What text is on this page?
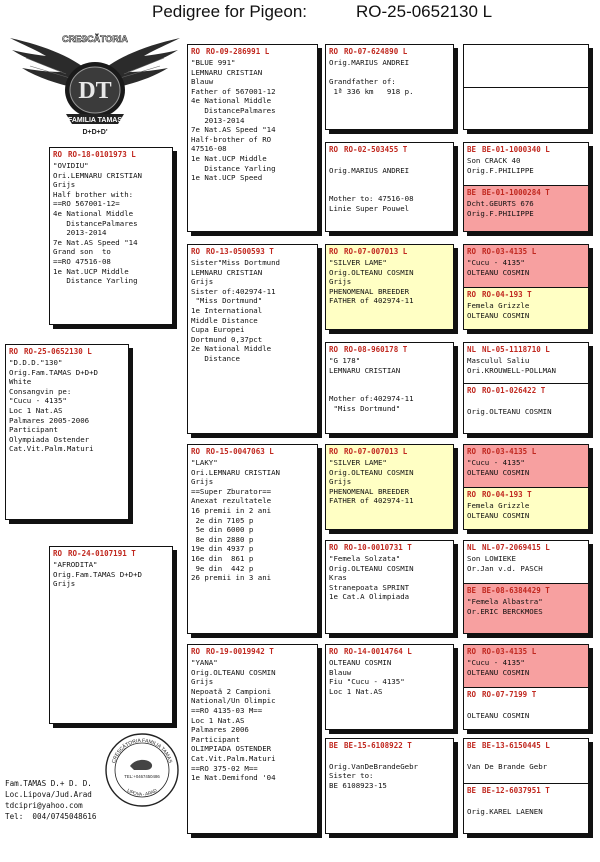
Pedigree for Pigeon:	RO-25-0652130 L
CRESCĂTORIA
DT
FAMILIA TAMAS
D+D+D'
RO RO-25-0652130 L
"D.D.D."130"
Orig.Fam.TAMAS D+D+D
White
Consangvin pe:
"Cucu - 4135"
Loc 1 Nat.AS
Palmares 2005-2006
Participant
Olympiada Ostender
Cat.Vit.Palm.Maturi
RO RO-18-0101973 L
"OVIDIU"
Ori.LEMNARU CRISTIAN
Grijs
Half brother with:
==RO 567001-12=
4e National Middle
DistancePalmares
2013-2014
7e Nat.AS Speed "14
Grand son  to
==RO 47516-08
1e Nat.UCP Middle
Distance Yarling
RO RO-24-0107191 T
"AFRODITA"
Orig.Fam.TAMAS D+D+D
Grijs
RO RO-09-286991 L
"BLUE 991"
LEMNARU CRISTIAN
Blauw
Father of 567001-12
4e National Middle
DistancePalmares
2013-2014
7e Nat.AS Speed "14
Half-brother of RO
47516-08
1e Nat.UCP Middle
Distance Yarling
1e Nat.UCP Speed
RO RO-13-0500593 T
Sister"Miss Dortmund
LEMNARU CRISTIAN
Grijs
Sister of:402974-11
"Miss Dortmund"
1e International
Middle Distance
Cupa Europei
Dortmund 0,37pct
2e National Middle
Distance
RO RO-15-0047063 L
"LAKY"
Ori.LEMNARU CRISTIAN
Grijs
==Super Zburator==
Anexat rezultatele
16 premii in 2 ani
2e din 7105 p
5e din 6000 p
8e din 2880 p
19e din 4937 p
16e din  861 p
9e din  442 p
26 premii in 3 ani
RO RO-19-0019942 T
"YANA"
Orig.OLTEANU COSMIN
Grijs
Nepoată 2 Campioni
National/Un Olimpic
==RO 4135-03 M==
Loc 1 Nat.AS
Palmares 2006
Participant
OLIMPIADA OSTENDER
Cat.Vit.Palm.Maturi
==RO 375-02 M==
1e Nat.Demifond '04
RO RO-07-624890 L
Orig.MARIUS ANDREI

Grandfather of:
1ª 336 km   918 p.
RO RO-02-503455 T

Orig.MARIUS ANDREI

Mother to: 47516-08
Linie Super Pouwel
RO RO-07-007013 L
"SILVER LAME"
Orig.OLTEANU COSMIN
Grijs
PHENOMENAL BREEDER
FATHER of 402974-11
RO RO-08-960178 T
"G 178"
LEMNARU CRISTIAN

Mother of:402974-11
"Miss Dortmund"
RO RO-07-007013 L
"SILVER LAME"
Orig.OLTEANU COSMIN
Grijs
PHENOMENAL BREEDER
FATHER of 402974-11
RO RO-10-0010731 T
"Femela Solzata"
Orig.OLTEANU COSMIN
Kras
Stranepoata SPRINT
1e Cat.A Olimpiada
RO RO-14-0014764 L
OLTEANU COSMIN
Blauw
Fiu "Cucu - 4135"
Loc 1 Nat.AS
BE BE-15-6108922 T

Orig.VanDeBrandeGebr
Sister to:
BE 6108923-15
BE BE-01-1000340 L
Son CRACK 40
Orig.F.PHILIPPE
BE BE-01-1000284 T
Dcht.GEURTS 676
Orig.F.PHILIPPE
RO RO-03-4135 L
"Cucu - 4135"
OLTEANU COSMIN
RO RO-04-193 T
Femela Grizzle
OLTEANU COSMIN
NL NL-05-1118710 L
Masculul Saliu
Ori.KROUWELL-POLLMAN
RO RO-01-026422 T

Orig.OLTEANU COSMIN
RO RO-03-4135 L
"Cucu - 4135"
OLTEANU COSMIN
RO RO-04-193 T
Femela Grizzle
OLTEANU COSMIN
NL NL-07-2069415 L
Son LOWIEKE
Or.Jan v.d. PASCH
BE BE-08-6384429 T
"Femela Albastra"
Or.ERIC BERCKMOES
RO RO-03-4135 L
"Cucu - 4135"
OLTEANU COSMIN
RO RO-07-7199 T

OLTEANU COSMIN
BE BE-13-6150445 L

Van De Brande Gebr
BE BE-12-6037951 T

Orig.KAREL LAENEN
CRESCĂTORIA FAMILIA TAMAS
TEL:+0467450486
LIPOVA - ARAD
Fam.TAMAS D.+ D. D.
Loc.Lipova/Jud.Arad
tdcipri@yahoo.com
Tel:  004/0745048616
